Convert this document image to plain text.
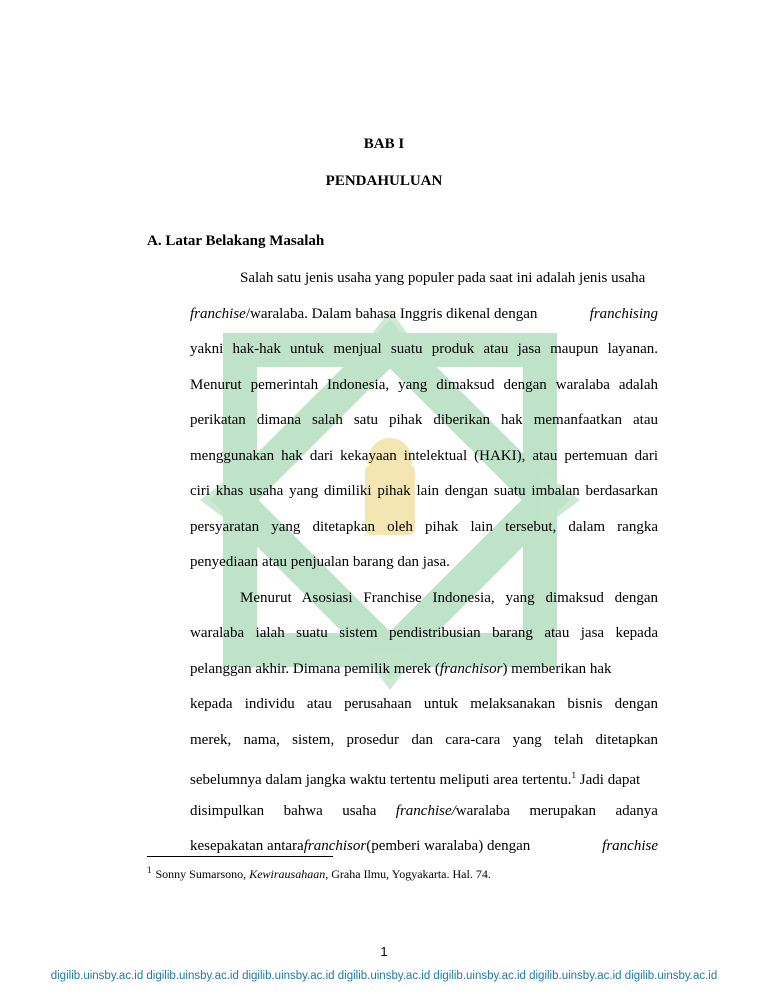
BAB I
PENDAHULUAN
A. Latar Belakang Masalah
Salah satu jenis usaha yang populer pada saat ini adalah jenis usaha
franchise/waralaba. Dalam bahasa Inggris dikenal dengan	franchising
yakni hak-hak untuk menjual suatu produk atau jasa maupun layanan.
Menurut pemerintah Indonesia, yang dimaksud dengan waralaba adalah
perikatan dimana salah satu pihak diberikan hak memanfaatkan atau
menggunakan hak dari kekayaan intelektual (HAKI), atau pertemuan dari
ciri khas usaha yang dimiliki pihak lain dengan suatu imbalan berdasarkan
persyaratan yang ditetapkan oleh pihak lain tersebut, dalam rangka
penyediaan atau penjualan barang dan jasa.
Menurut Asosiasi Franchise Indonesia, yang dimaksud dengan
waralaba ialah suatu sistem pendistribusian barang atau jasa kepada
pelanggan akhir. Dimana pemilik merek (franchisor) memberikan hak
kepada individu atau perusahaan untuk melaksanakan bisnis dengan
merek, nama, sistem, prosedur dan cara-cara yang telah ditetapkan
sebelumnya dalam jangka waktu tertentu meliputi area tertentu.$^1$ Jadi dapat
disimpulkan bahwa usaha franchise/waralaba merupakan adanya
$^1$ Sonny Sumarsono, Kewirausahaan, Graha Ilmu, Yogyakarta. Hal. 74.
1
digilib.uinsby.ac.id digilib.uinsby.ac.id digilib.uinsby.ac.id digilib.uinsby.ac.id digilib.uinsby.ac.id digilib.uinsby.ac.id digilib.uinsby.ac.id
kesepakatan antarafranchisor(pemberi waralaba) dengan	franchise
